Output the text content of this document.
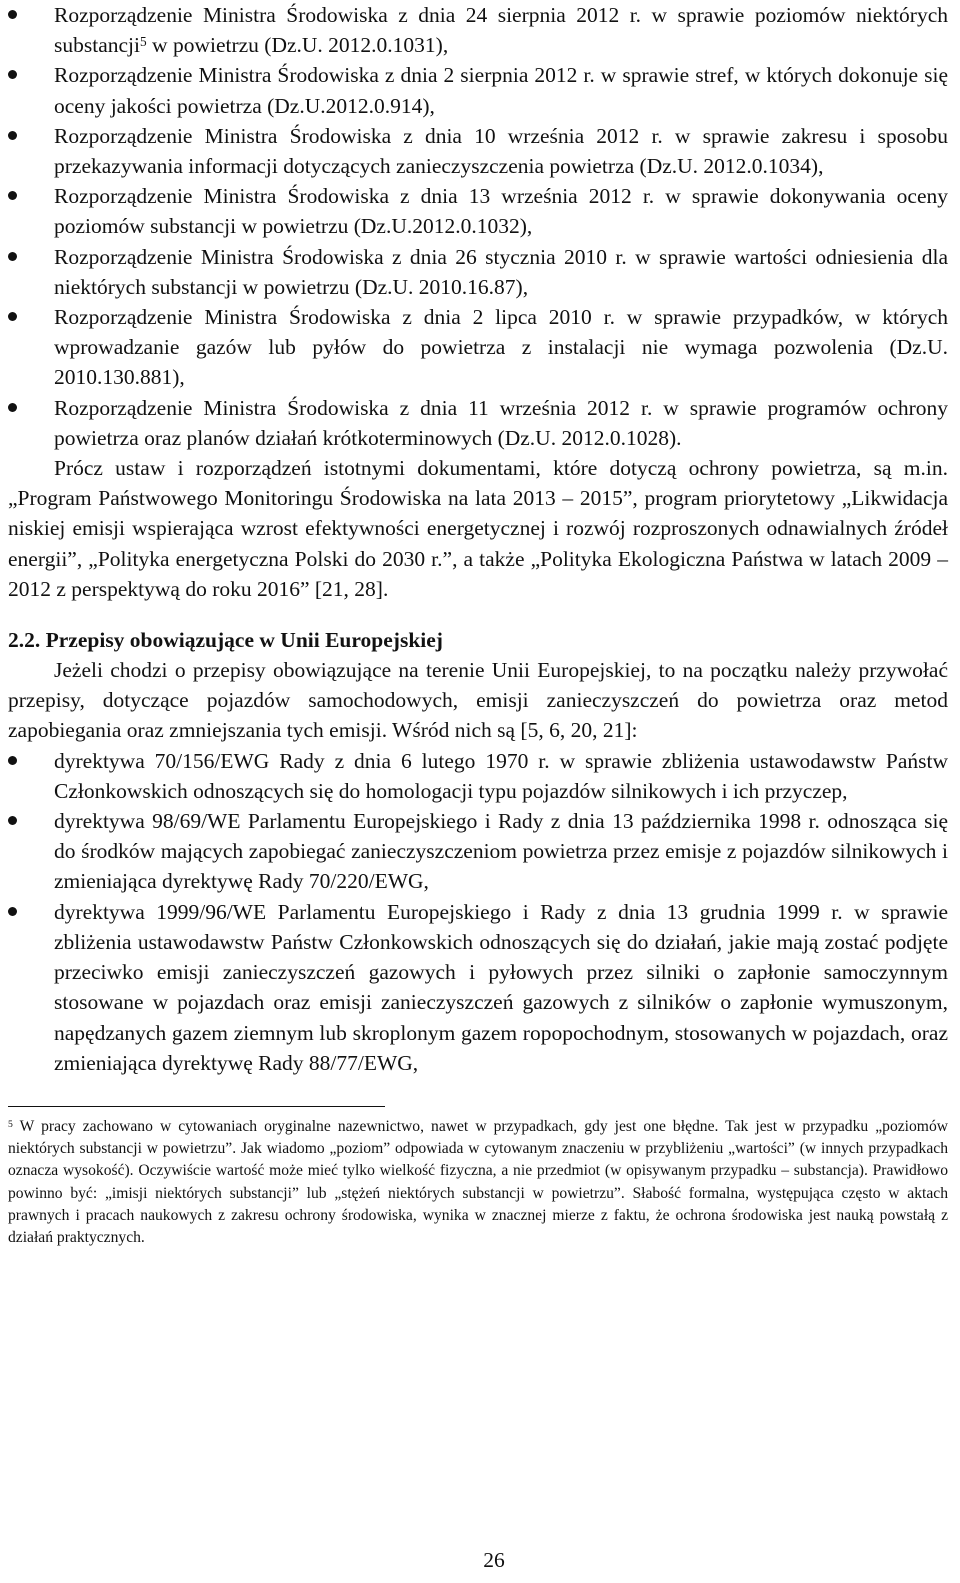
Rozporządzenie Ministra Środowiska z dnia 24 sierpnia 2012 r. w sprawie poziomów niektórych substancji$^5$ w powietrzu (Dz.U. 2012.0.1031),
Rozporządzenie Ministra Środowiska z dnia 2 sierpnia 2012 r. w sprawie stref, w których dokonuje się oceny jakości powietrza (Dz.U.2012.0.914),
Rozporządzenie Ministra Środowiska z dnia 10 września 2012 r. w sprawie zakresu i sposobu przekazywania informacji dotyczących zanieczyszczenia powietrza (Dz.U. 2012.0.1034),
Rozporządzenie Ministra Środowiska z dnia 13 września 2012 r. w sprawie dokonywania oceny poziomów substancji w powietrzu (Dz.U.2012.0.1032),
Rozporządzenie Ministra Środowiska z dnia 26 stycznia 2010 r. w sprawie wartości odniesienia dla niektórych substancji w powietrzu (Dz.U. 2010.16.87),
Rozporządzenie Ministra Środowiska z dnia 2 lipca 2010 r. w sprawie przypadków, w których wprowadzanie gazów lub pyłów do powietrza z instalacji nie wymaga pozwolenia (Dz.U. 2010.130.881),
Rozporządzenie Ministra Środowiska z dnia 11 września 2012 r. w sprawie programów ochrony powietrza oraz planów działań krótkoterminowych (Dz.U. 2012.0.1028).

Prócz ustaw i rozporządzeń istotnymi dokumentami, które dotyczą ochrony powietrza, są m.in. „Program Państwowego Monitoringu Środowiska na lata 2013 – 2015”, program priorytetowy „Likwidacja niskiej emisji wspierająca wzrost efektywności energetycznej i rozwój rozproszonych odnawialnych źródeł energii”, „Polityka energetyczna Polski do 2030 r.”, a także „Polityka Ekologiczna Państwa w latach 2009 – 2012 z perspektywą do roku 2016” [21, 28].

2.2. Przepisy obowiązujące w Unii Europejskiej

Jeżeli chodzi o przepisy obowiązujące na terenie Unii Europejskiej, to na początku należy przywołać przepisy, dotyczące pojazdów samochodowych, emisji zanieczyszczeń do powietrza oraz metod zapobiegania oraz zmniejszania tych emisji. Wśród nich są [5, 6, 20, 21]:

dyrektywa 70/156/EWG Rady z dnia 6 lutego 1970 r. w sprawie zbliżenia ustawodawstw Państw Członkowskich odnoszących się do homologacji typu pojazdów silnikowych i ich przyczep,
dyrektywa 98/69/WE Parlamentu Europejskiego i Rady z dnia 13 października 1998 r. odnosząca się do środków mających zapobiegać zanieczyszczeniom powietrza przez emisje z pojazdów silnikowych i zmieniająca dyrektywę Rady 70/220/EWG,
dyrektywa 1999/96/WE Parlamentu Europejskiego i Rady z dnia 13 grudnia 1999 r. w sprawie zbliżenia ustawodawstw Państw Członkowskich odnoszących się do działań, jakie mają zostać podjęte przeciwko emisji zanieczyszczeń gazowych i pyłowych przez silniki o zapłonie samoczynnym stosowane w pojazdach oraz emisji zanieczyszczeń gazowych z silników o zapłonie wymuszonym, napędzanych gazem ziemnym lub skroplonym gazem ropopochodnym, stosowanych w pojazdach, oraz zmieniająca dyrektywę Rady 88/77/EWG,

$^5$ W pracy zachowano w cytowaniach oryginalne nazewnictwo, nawet w przypadkach, gdy jest one błędne. Tak jest w przypadku „poziomów niektórych substancji w powietrzu”. Jak wiadomo „poziom” odpowiada w cytowanym znaczeniu w przybliżeniu „wartości” (w innych przypadkach oznacza wysokość). Oczywiście wartość może mieć tylko wielkość fizyczna, a nie przedmiot (w opisywanym przypadku – substancja). Prawidłowo powinno być: „imisji niektórych substancji” lub „stężeń niektórych substancji w powietrzu”. Słabość formalna, występująca często w aktach prawnych i pracach naukowych z zakresu ochrony środowiska, wynika w znacznej mierze z faktu, że ochrona środowiska jest nauką powstałą z działań praktycznych.

26
